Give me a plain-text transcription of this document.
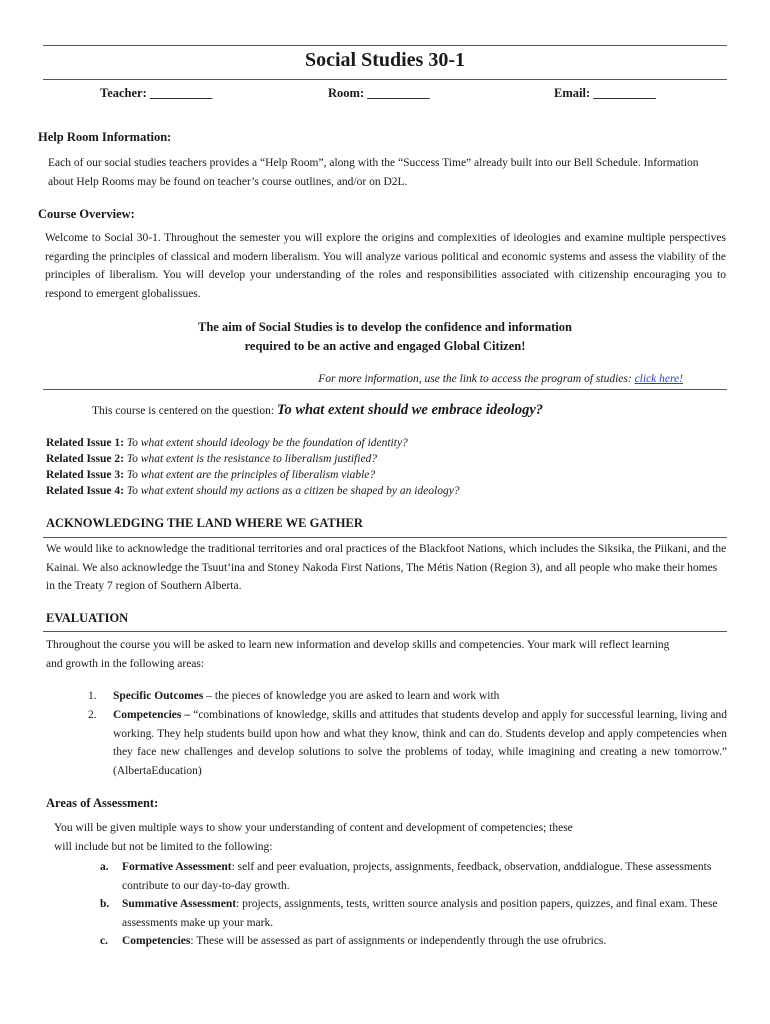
Social Studies 30-1
Teacher: __________	Room: __________	Email: __________
Help Room Information:
Each of our social studies teachers provides a “Help Room”, along with the “Success Time” already built into our Bell Schedule. Information about Help Rooms may be found on teacher’s course outlines, and/or on D2L.
Course Overview:
Welcome to Social 30-1. Throughout the semester you will explore the origins and complexities of ideologies and examine multiple perspectives regarding the principles of classical and modern liberalism. You will analyze various political and economic systems and assess the viability of the principles of liberalism. You will develop your understanding of the roles and responsibilities associated with citizenship encouraging you to respond to emergent globalissues.
The aim of Social Studies is to develop the confidence and information
required to be an active and engaged Global Citizen!
For more information, use the link to access the program of studies: click here!
This course is centered on the question: To what extent should we embrace ideology?
Related Issue 1: To what extent should ideology be the foundation of identity?
Related Issue 2: To what extent is the resistance to liberalism justified?
Related Issue 3: To what extent are the principles of liberalism viable?
Related Issue 4: To what extent should my actions as a citizen be shaped by an ideology?
ACKNOWLEDGING THE LAND WHERE WE GATHER
We would like to acknowledge the traditional territories and oral practices of the Blackfoot Nations, which includes the Siksika, the Piikani, and the Kainai. We also acknowledge the Tsuut’ina and Stoney Nakoda First Nations, The Métis Nation (Region 3), and all people who make their homes in the Treaty 7 region of Southern Alberta.
EVALUATION
Throughout the course you will be asked to learn new information and develop skills and competencies. Your mark will reflect learning and growth in the following areas:
1. Specific Outcomes – the pieces of knowledge you are asked to learn and work with
2. Competencies – “combinations of knowledge, skills and attitudes that students develop and apply for successful learning, living and working. They help students build upon how and what they know, think and can do. Students develop and apply competencies when they face new challenges and develop solutions to solve the problems of today, while imagining and creating a new tomorrow.” (AlbertaEducation)
Areas of Assessment:
You will be given multiple ways to show your understanding of content and development of competencies; these will include but not be limited to the following:
a. Formative Assessment: self and peer evaluation, projects, assignments, feedback, observation, anddialogue. These assessments contribute to our day-to-day growth.
b. Summative Assessment: projects, assignments, tests, written source analysis and position papers, quizzes, and final exam. These assessments make up your mark.
c. Competencies: These will be assessed as part of assignments or independently through the use ofrubrics.
